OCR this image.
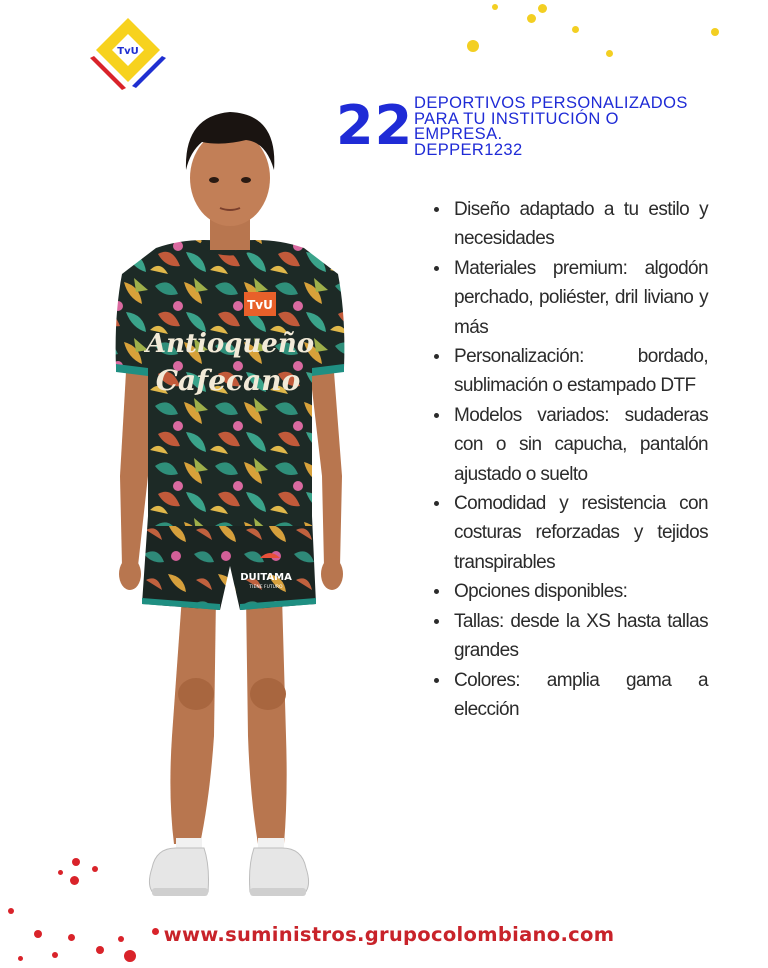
TvU
22 DEPORTIVOS PERSONALIZADOS
PARA TU INSTITUCIÓN O
EMPRESA.
DEPPER1232
Diseño adaptado a tu estilo y necesidades
Materiales premium: algodón perchado, poliéster, dril liviano y más
Personalización: bordado, sublimación o estampado DTF
Modelos variados: sudaderas con o sin capucha, pantalón ajustado o suelto
Comodidad y resistencia con costuras reforzadas y tejidos transpirables
Opciones disponibles:
Tallas: desde la XS hasta tallas grandes
Colores: amplia gama a elección
DUITAMA
TIENE FUTURO
TvU
Antioqueño
Cafecano
www.suministros.grupocolombiano.com
